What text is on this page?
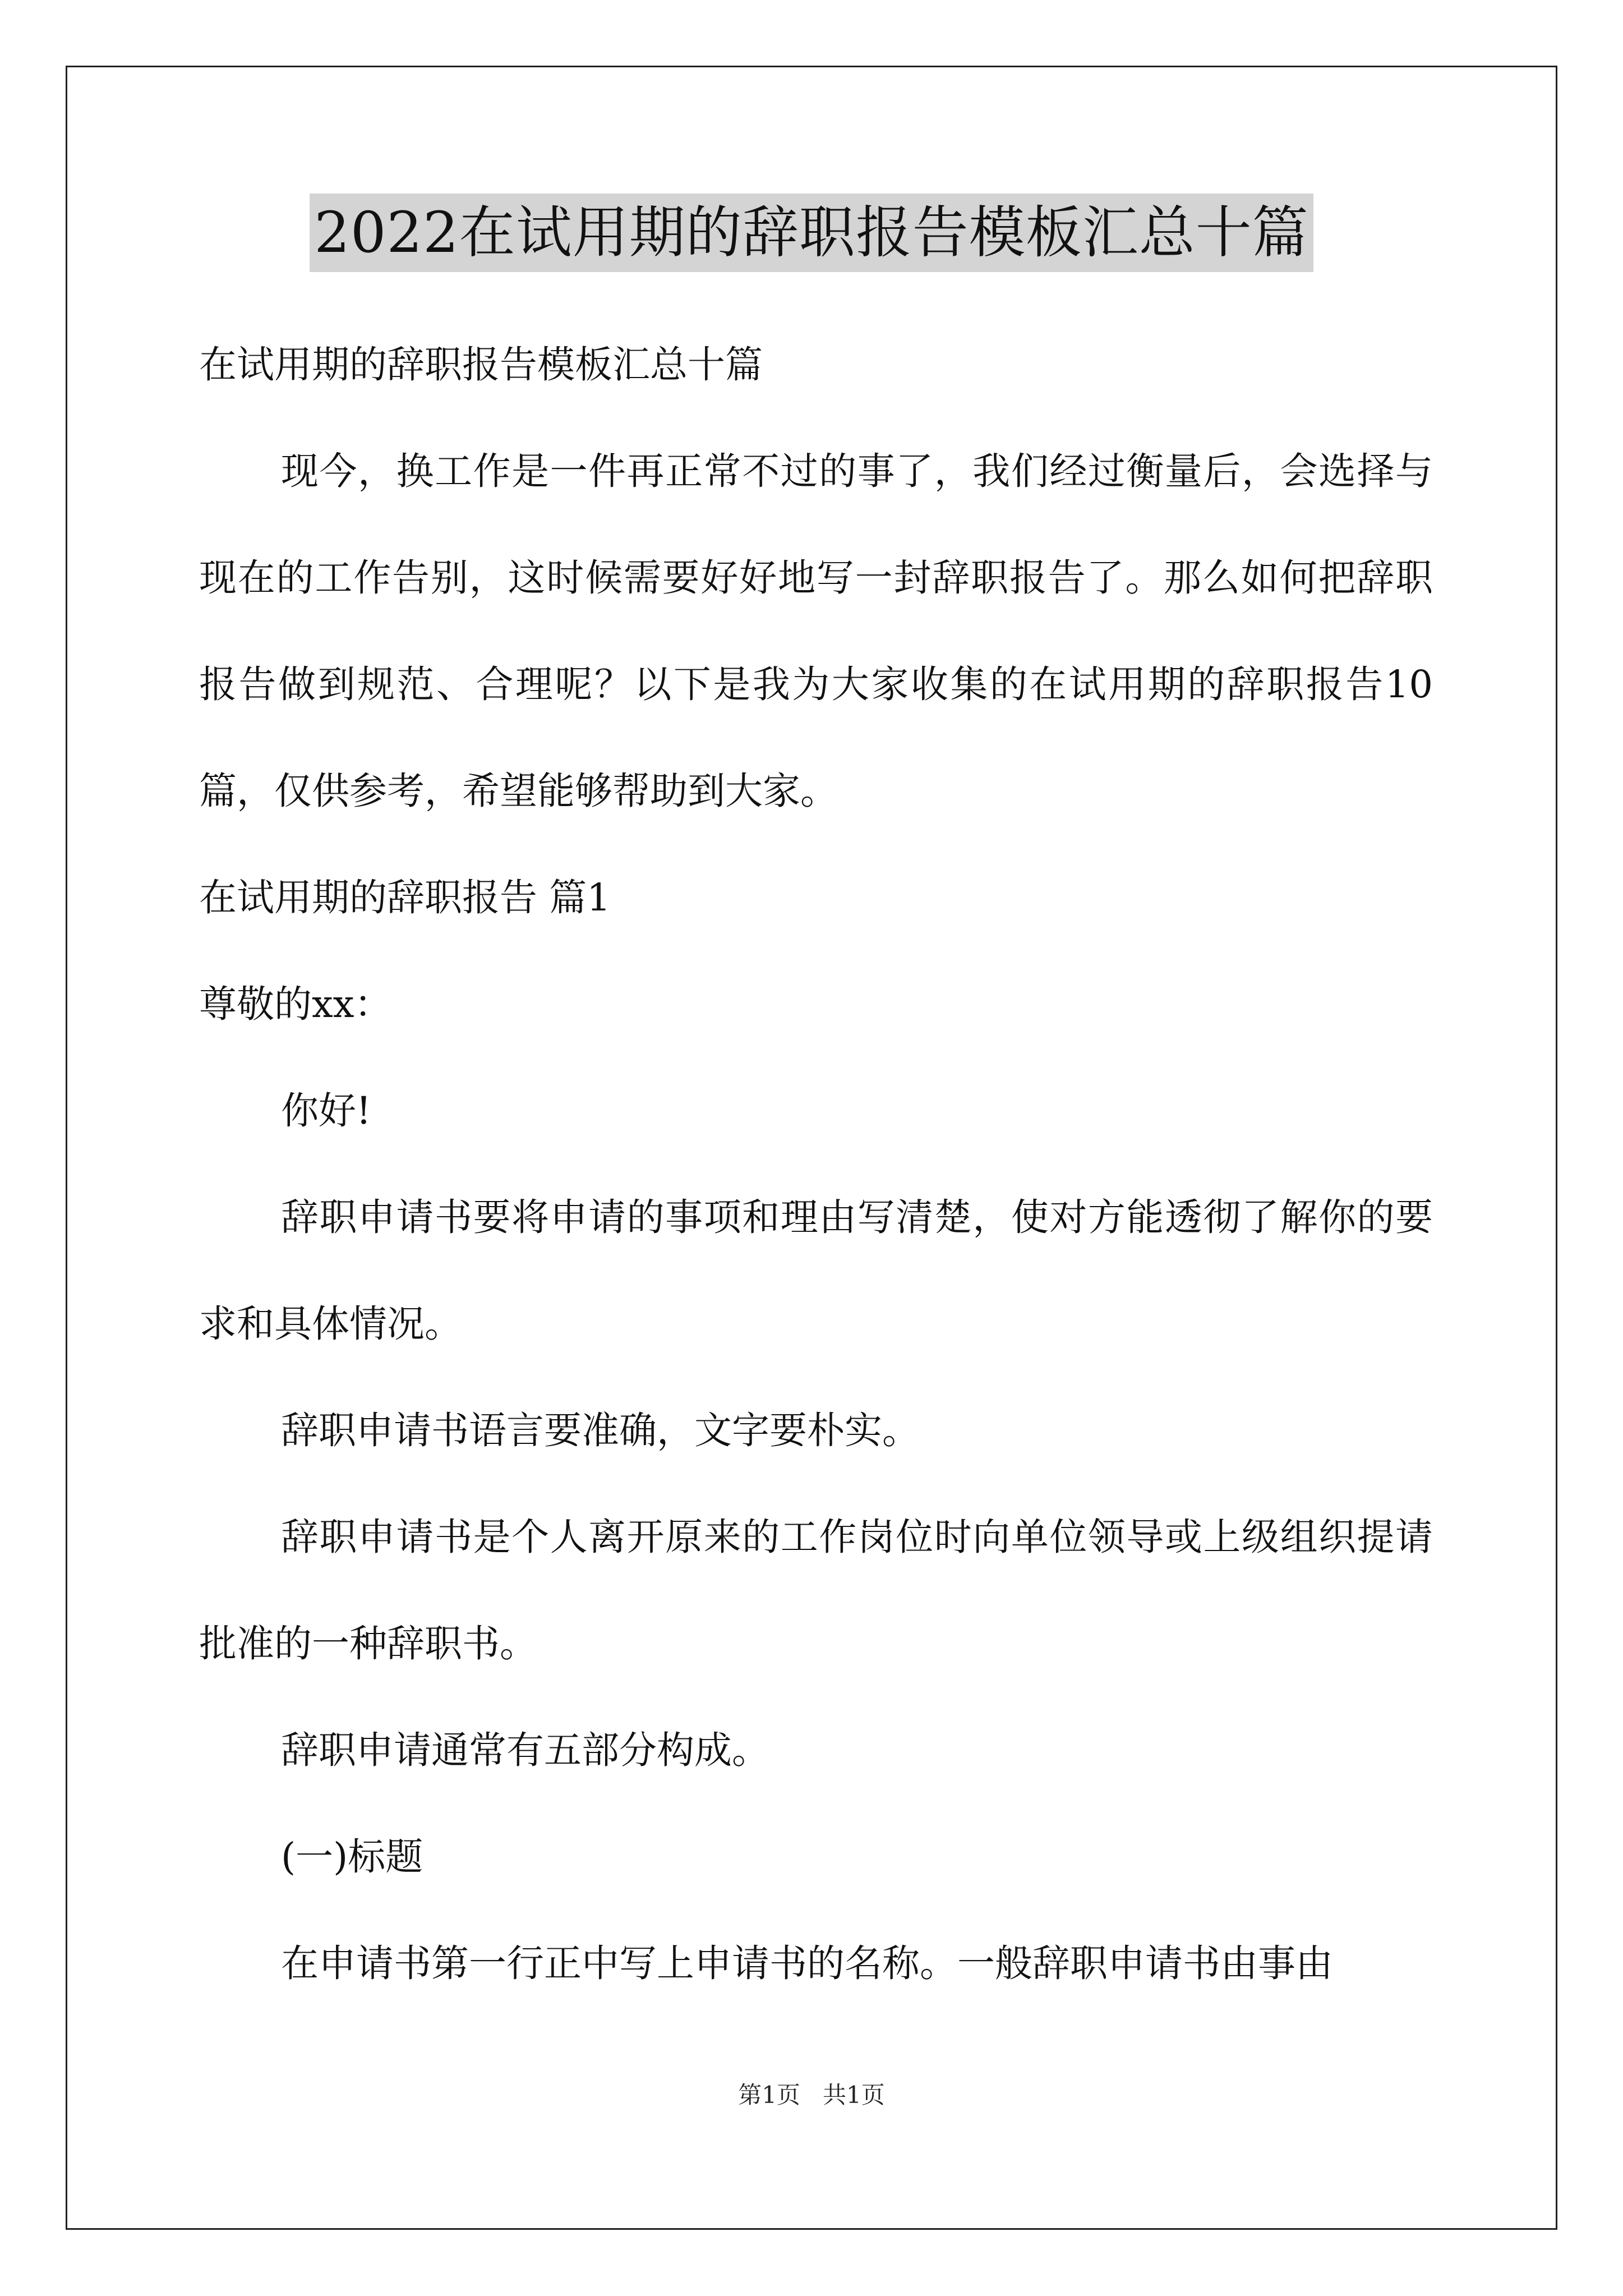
2022在试用期的辞职报告模板汇总十篇

在试用期的辞职报告模板汇总十篇

现今，换工作是一件再正常不过的事了，我们经过衡量后，会选择与现在的工作告别，这时候需要好好地写一封辞职报告了。那么如何把辞职报告做到规范、合理呢？以下是我为大家收集的在试用期的辞职报告10篇，仅供参考，希望能够帮助到大家。

在试用期的辞职报告 篇1

尊敬的xx：

你好!

辞职申请书要将申请的事项和理由写清楚，使对方能透彻了解你的要求和具体情况。

辞职申请书语言要准确，文字要朴实。

辞职申请书是个人离开原来的工作岗位时向单位领导或上级组织提请批准的一种辞职书。

辞职申请通常有五部分构成。

(一)标题

在申请书第一行正中写上申请书的名称。一般辞职申请书由事由

第1页   共1页
